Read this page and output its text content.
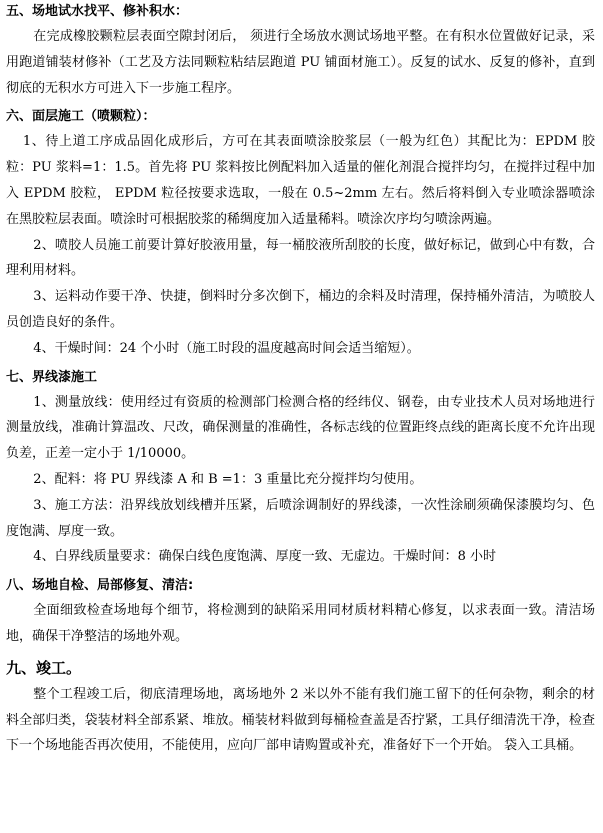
五、场地试水找平、修补积水：

在完成橡胶颗粒层表面空隙封闭后， 须进行全场放水测试场地平整。在有积水位置做好记录，采用跑道铺装材修补（工艺及方法同颗粒粘结层跑道 PU 铺面材施工）。反复的试水、反复的修补，直到彻底的无积水方可进入下一步施工程序。

六、面层施工（喷颗粒）：

1、待上道工序成品固化成形后，方可在其表面喷涂胶浆层（一般为红色）其配比为：EPDM 胶粒：PU 浆料=1：1.5。首先将 PU 浆料按比例配料加入适量的催化剂混合搅拌均匀，在搅拌过程中加入 EPDM 胶粒， EPDM 粒径按要求选取，一般在 0.5~2mm 左右。然后将料倒入专业喷涂器喷涂在黑胶粒层表面。喷涂时可根据胶浆的稀绸度加入适量稀料。喷涂次序均匀喷涂两遍。

2、喷胶人员施工前要计算好胶液用量，每一桶胶液所刮胶的长度，做好标记，做到心中有数，合理利用材料。

3、运料动作要干净、快捷，倒料时分多次倒下，桶边的余料及时清理，保持桶外清洁，为喷胶人员创造良好的条件。

4、干燥时间：24 个小时（施工时段的温度越高时间会适当缩短）。

七、界线漆施工

1、测量放线：使用经过有资质的检测部门检测合格的经纬仪、钢卷，由专业技术人员对场地进行测量放线，准确计算温改、尺改，确保测量的准确性，各标志线的位置距终点线的距离长度不允许出现负差，正差一定小于 1/10000。

2、配料：将 PU 界线漆 A 和 B =1：3 重量比充分搅拌均匀使用。

3、施工方法：沿界线放划线槽并压紧，后喷涂调制好的界线漆，一次性涂刷须确保漆膜均匀、色度饱满、厚度一致。

4、白界线质量要求：确保白线色度饱满、厚度一致、无虚边。干燥时间：8 小时

八、场地自检、局部修复、清洁:

全面细致检查场地每个细节，将检测到的缺陷采用同材质材料精心修复，以求表面一致。清洁场地，确保干净整洁的场地外观。

九、竣工。

整个工程竣工后，彻底清理场地，离场地外 2 米以外不能有我们施工留下的任何杂物，剩余的材料全部归类，袋装材料全部系紧、堆放。桶装材料做到每桶检查盖是否拧紧，工具仔细清洗干净，检查下一个场地能否再次使用，不能使用，应向厂部申请购置或补充，准备好下一个开始。 袋入工具桶。
